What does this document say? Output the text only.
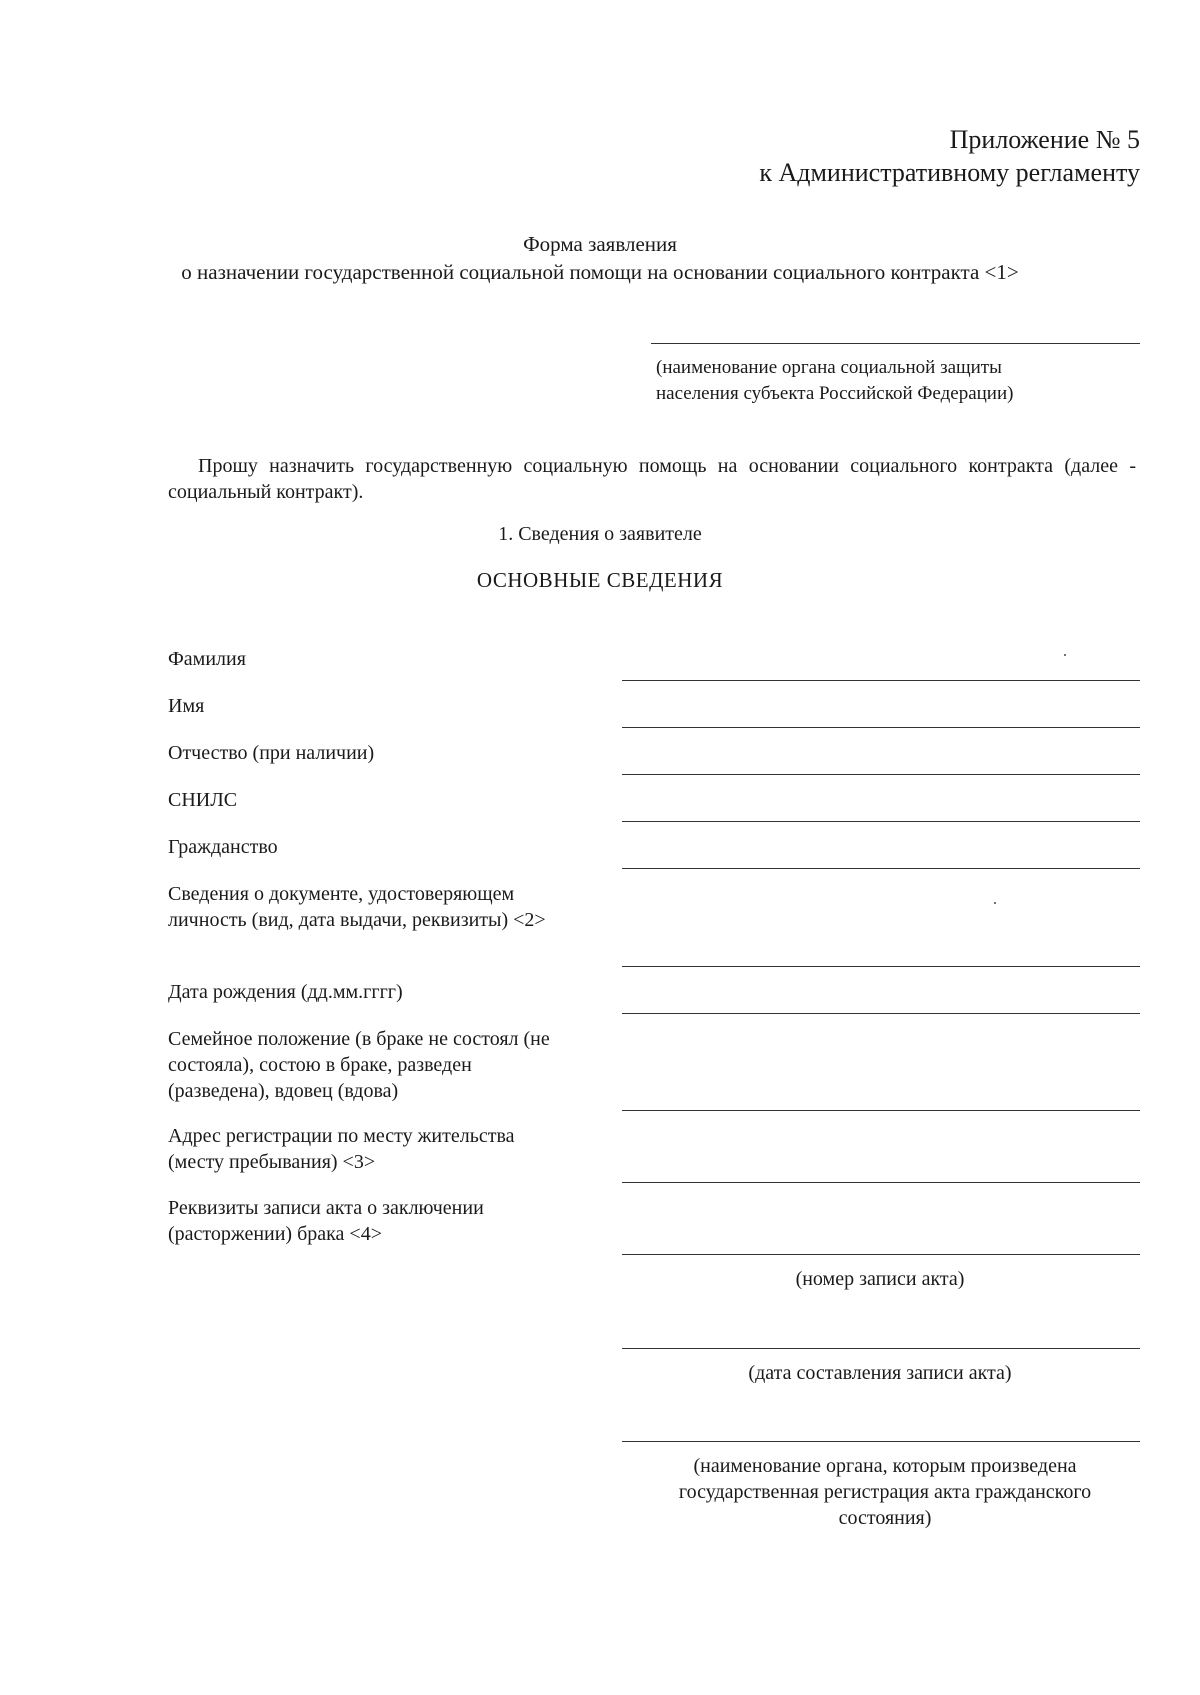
Приложение № 5

к Административному регламенту

Форма заявления

о назначении государственной социальной помощи на основании социального контракта <1>

(наименование органа социальной защиты

населения субъекта Российской Федерации)

Прошу назначить государственную социальную помощь на основании социального контракта (далее - социальный контракт).

1. Сведения о заявителе

ОСНОВНЫЕ СВЕДЕНИЯ

Фамилия

Имя

Отчество (при наличии)

СНИЛС

Гражданство

Сведения о документе, удостоверяющем личность (вид, дата выдачи, реквизиты) <2>

Дата рождения (дд.мм.гггг)

Семейное положение (в браке не состоял (не состояла), состою в браке, разведен (разведена), вдовец (вдова)

Адрес регистрации по месту жительства (месту пребывания) <3>

Реквизиты записи акта о заключении (расторжении) брака <4>

(номер записи акта)

(дата составления записи акта)

(наименование органа, которым произведена государственная регистрация акта гражданского состояния)
